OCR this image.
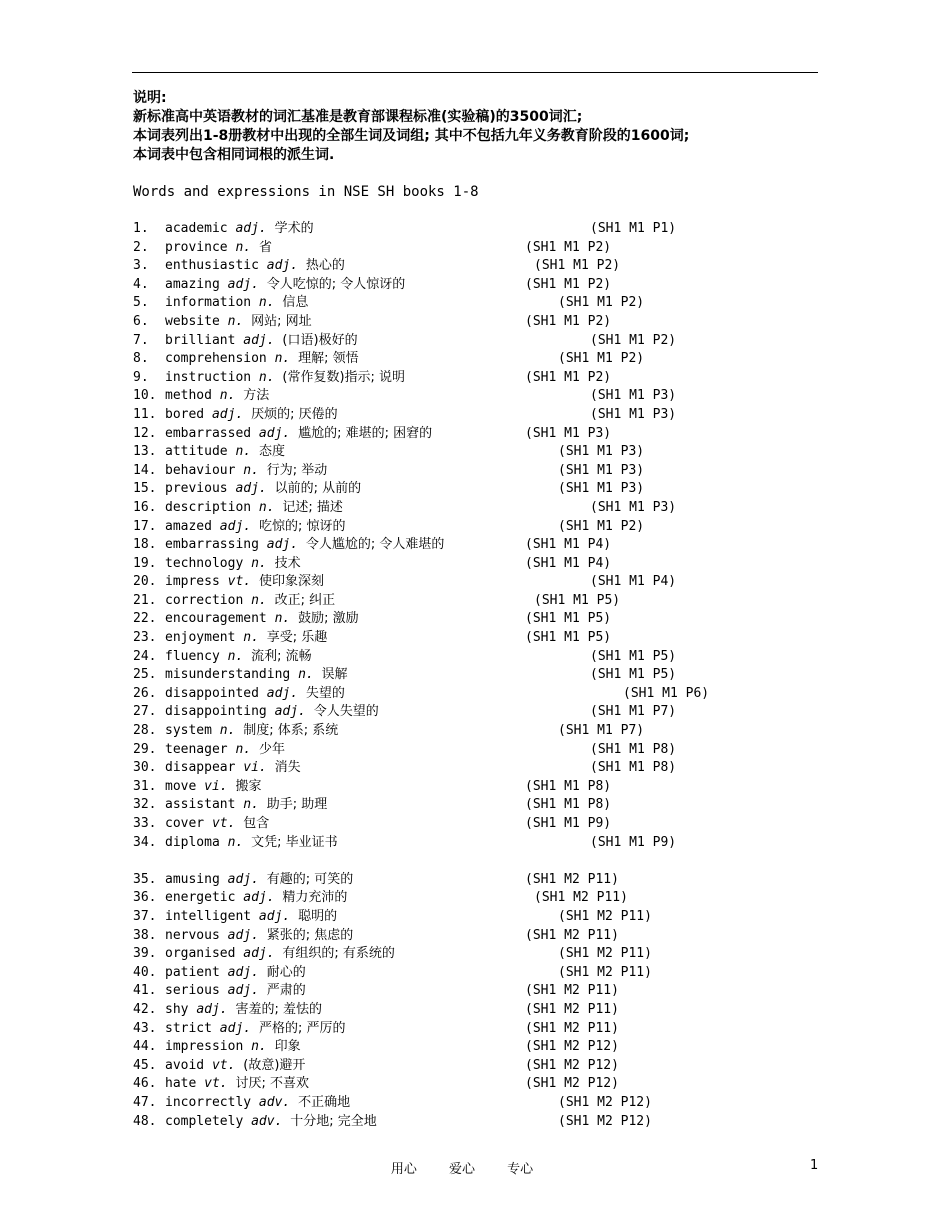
说明:
新标准高中英语教材的词汇基准是教育部课程标准(实验稿)的3500词汇;
本词表列出1-8册教材中出现的全部生词及词组; 其中不包括九年义务教育阶段的1600词;
本词表中包含相同词根的派生词.
Words and expressions in NSE SH books 1-8
1. academic adj. 学术的	(SH1 M1 P1)
2. province n. 省	(SH1 M1 P2)
3. enthusiastic adj. 热心的	(SH1 M1 P2)
4. amazing adj. 令人吃惊的; 令人惊讶的	(SH1 M1 P2)
5. information n. 信息	(SH1 M1 P2)
6. website n. 网站; 网址	(SH1 M1 P2)
7. brilliant adj. (口语)极好的	(SH1 M1 P2)
8. comprehension n. 理解; 领悟	(SH1 M1 P2)
9. instruction n. (常作复数)指示; 说明	(SH1 M1 P2)
10. method n. 方法	(SH1 M1 P3)
11. bored adj. 厌烦的; 厌倦的	(SH1 M1 P3)
12. embarrassed adj. 尴尬的; 难堪的; 困窘的	(SH1 M1 P3)
13. attitude n. 态度	(SH1 M1 P3)
14. behaviour n. 行为; 举动	(SH1 M1 P3)
15. previous adj. 以前的; 从前的	(SH1 M1 P3)
16. description n. 记述; 描述	(SH1 M1 P3)
17. amazed adj. 吃惊的; 惊讶的	(SH1 M1 P2)
18. embarrassing adj. 令人尴尬的; 令人难堪的	(SH1 M1 P4)
19. technology n. 技术	(SH1 M1 P4)
20. impress vt. 使印象深刻	(SH1 M1 P4)
21. correction n. 改正; 纠正	(SH1 M1 P5)
22. encouragement n. 鼓励; 激励	(SH1 M1 P5)
23. enjoyment n. 享受; 乐趣	(SH1 M1 P5)
24. fluency n. 流利; 流畅	(SH1 M1 P5)
25. misunderstanding n. 误解	(SH1 M1 P5)
26. disappointed adj. 失望的	(SH1 M1 P6)
27. disappointing adj. 令人失望的	(SH1 M1 P7)
28. system n. 制度; 体系; 系统	(SH1 M1 P7)
29. teenager n. 少年	(SH1 M1 P8)
30. disappear vi. 消失	(SH1 M1 P8)
31. move vi. 搬家	(SH1 M1 P8)
32. assistant n. 助手; 助理	(SH1 M1 P8)
33. cover vt. 包含	(SH1 M1 P9)
34. diploma n. 文凭; 毕业证书	(SH1 M1 P9)
35. amusing adj. 有趣的; 可笑的	(SH1 M2 P11)
36. energetic adj. 精力充沛的	(SH1 M2 P11)
37. intelligent adj. 聪明的	(SH1 M2 P11)
38. nervous adj. 紧张的; 焦虑的	(SH1 M2 P11)
39. organised adj. 有组织的; 有系统的	(SH1 M2 P11)
40. patient adj. 耐心的	(SH1 M2 P11)
41. serious adj. 严肃的	(SH1 M2 P11)
42. shy adj. 害羞的; 羞怯的	(SH1 M2 P11)
43. strict adj. 严格的; 严厉的	(SH1 M2 P11)
44. impression n. 印象	(SH1 M2 P12)
45. avoid vt. (故意)避开	(SH1 M2 P12)
46. hate vt. 讨厌; 不喜欢	(SH1 M2 P12)
47. incorrectly adv. 不正确地	(SH1 M2 P12)
48. completely adv. 十分地; 完全地	(SH1 M2 P12)
用心 爱心 专心	1
